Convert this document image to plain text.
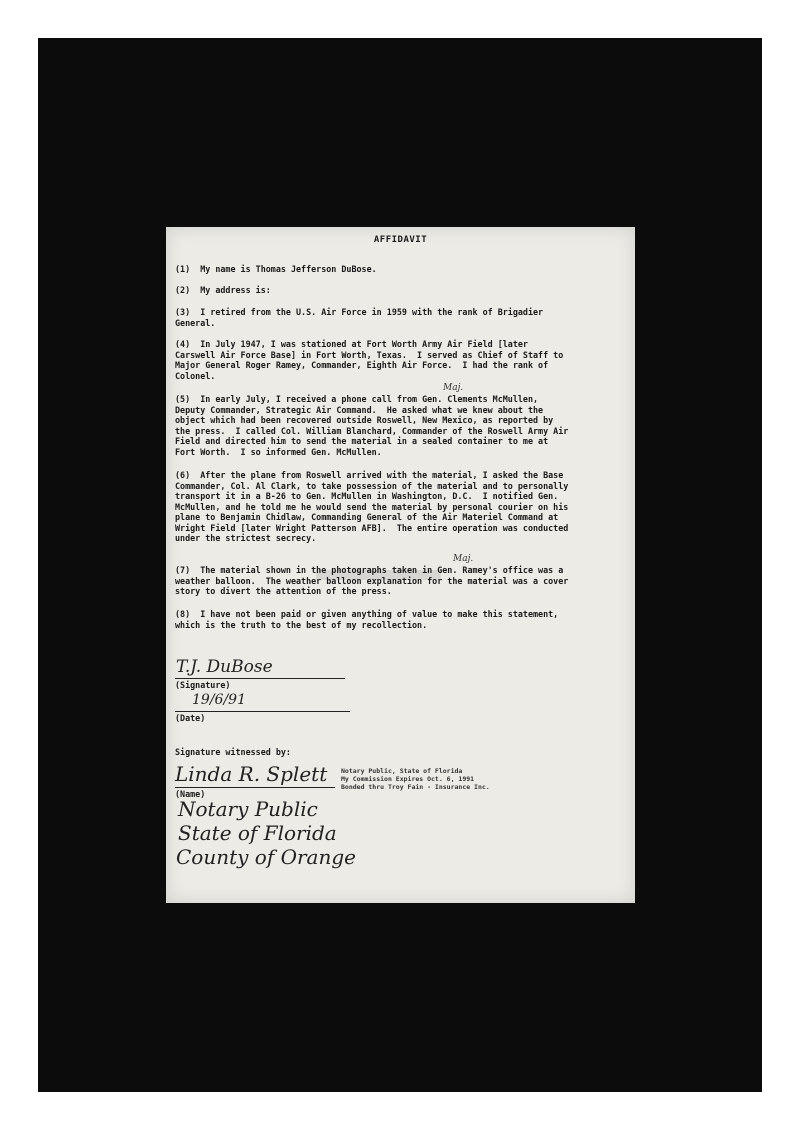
AFFIDAVIT

(1)  My name is Thomas Jefferson DuBose.

(2)  My address is:

(3)  I retired from the U.S. Air Force in 1959 with the rank of Brigadier
General.

(4)  In July 1947, I was stationed at Fort Worth Army Air Field [later
Carswell Air Force Base] in Fort Worth, Texas.  I served as Chief of Staff to
Major General Roger Ramey, Commander, Eighth Air Force.  I had the rank of
Colonel.

(5)  In early July, I received a phone call from Gen. Clements McMullen,
Deputy Commander, Strategic Air Command.  He asked what we knew about the
object which had been recovered outside Roswell, New Mexico, as reported by
the press.  I called Col. William Blanchard, Commander of the Roswell Army Air
Field and directed him to send the material in a sealed container to me at
Fort Worth.  I so informed Gen. McMullen.

(6)  After the plane from Roswell arrived with the material, I asked the Base
Commander, Col. Al Clark, to take possession of the material and to personally
transport it in a B-26 to Gen. McMullen in Washington, D.C.  I notified Gen.
McMullen, and he told me he would send the material by personal courier on his
plane to Benjamin Chidlaw, Commanding General of the Air Materiel Command at
Wright Field [later Wright Patterson AFB].  The entire operation was conducted
under the strictest secrecy.

(7)  The material shown in the photographs taken in Gen. Ramey's office was a
weather balloon.  The weather balloon explanation for the material was a cover
story to divert the attention of the press.

(8)  I have not been paid or given anything of value to make this statement,
which is the truth to the best of my recollection.

Maj.
Maj.
T.J. DuBose
(Signature)
19/6/91
(Date)
Signature witnessed by:
Linda R. Splett
(Name)
Notary Public
State of Florida
County of Orange
Notary Public, State of Florida
My Commission Expires Oct. 6, 1991
Bonded thru Troy Fain - Insurance Inc.
